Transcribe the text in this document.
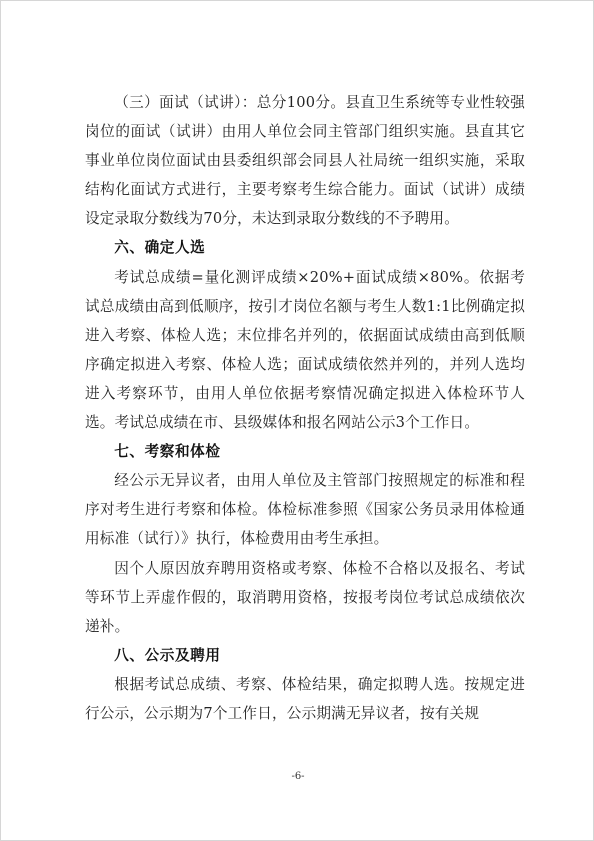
（三）面试（试讲）：总分100分。县直卫生系统等专业性较强岗位的面试（试讲）由用人单位会同主管部门组织实施。县直其它事业单位岗位面试由县委组织部会同县人社局统一组织实施，采取结构化面试方式进行，主要考察考生综合能力。面试（试讲）成绩设定录取分数线为70分，未达到录取分数线的不予聘用。

六、确定人选

考试总成绩=量化测评成绩×20%+面试成绩×80%。依据考试总成绩由高到低顺序，按引才岗位名额与考生人数1:1比例确定拟进入考察、体检人选；末位排名并列的，依据面试成绩由高到低顺序确定拟进入考察、体检人选；面试成绩依然并列的，并列人选均进入考察环节，由用人单位依据考察情况确定拟进入体检环节人选。考试总成绩在市、县级媒体和报名网站公示3个工作日。

七、考察和体检

经公示无异议者，由用人单位及主管部门按照规定的标准和程序对考生进行考察和体检。体检标准参照《国家公务员录用体检通用标准（试行）》执行，体检费用由考生承担。

因个人原因放弃聘用资格或考察、体检不合格以及报名、考试等环节上弄虚作假的，取消聘用资格，按报考岗位考试总成绩依次递补。

八、公示及聘用

根据考试总成绩、考察、体检结果，确定拟聘人选。按规定进行公示，公示期为7个工作日，公示期满无异议者，按有关规

-6-
